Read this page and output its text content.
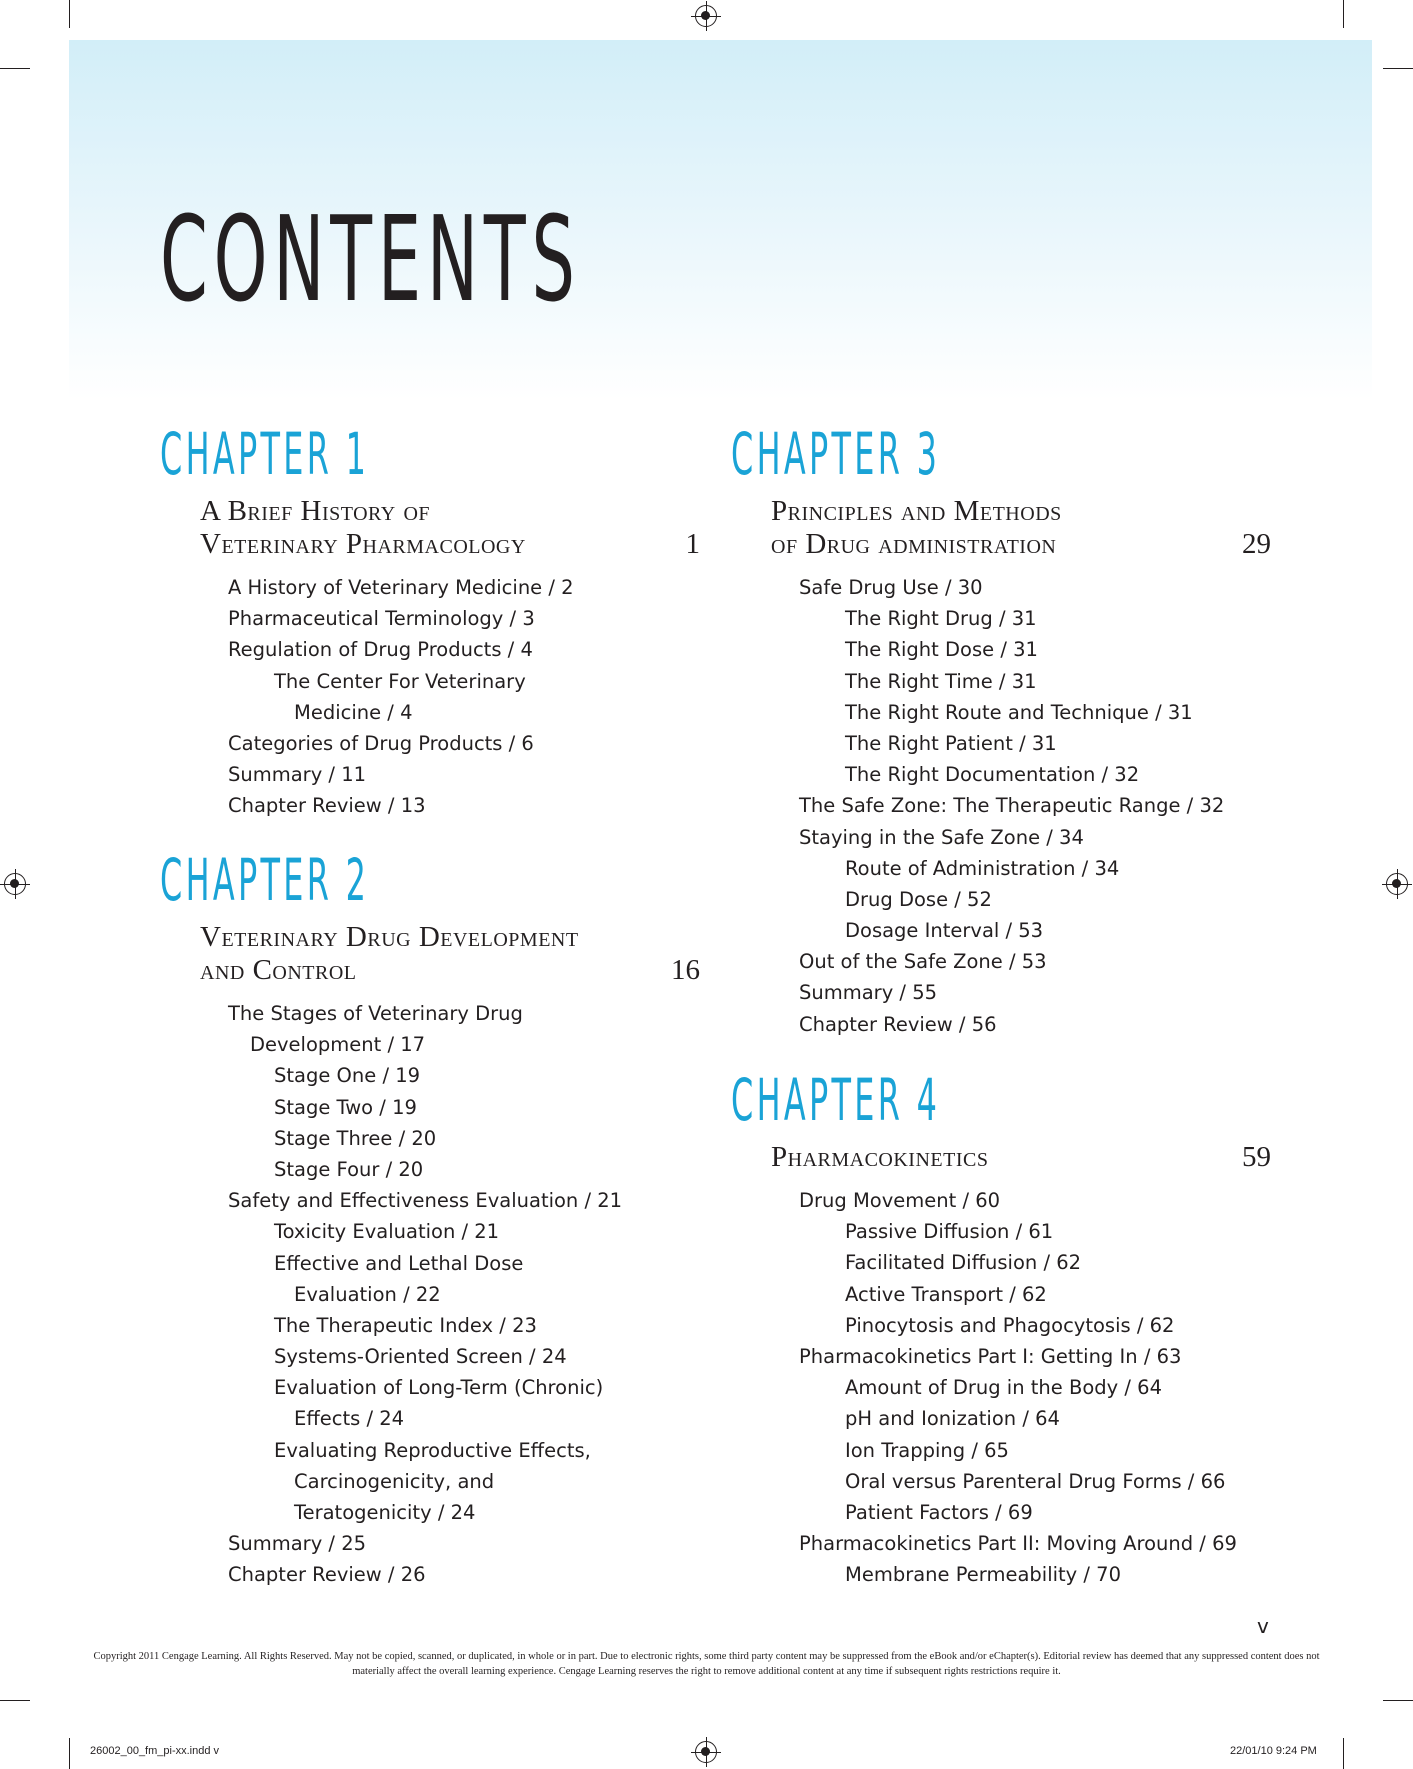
CONTENTS
CHAPTER 1
A Brief History of
Veterinary Pharmacology	1
A History of Veterinary Medicine / 2
Pharmaceutical Terminology / 3
Regulation of Drug Products / 4
The Center For Veterinary
Medicine / 4
Categories of Drug Products / 6
Summary / 11
Chapter Review / 13
CHAPTER 2
Veterinary Drug Development
and Control	16
The Stages of Veterinary Drug
Development / 17
Stage One / 19
Stage Two / 19
Stage Three / 20
Stage Four / 20
Safety and Effectiveness Evaluation / 21
Toxicity Evaluation / 21
Effective and Lethal Dose
Evaluation / 22
The Therapeutic Index / 23
Systems-Oriented Screen / 24
Evaluation of Long-Term (Chronic)
Effects / 24
Evaluating Reproductive Effects,
Carcinogenicity, and
Teratogenicity / 24
Summary / 25
Chapter Review / 26
CHAPTER 3
Principles and Methods
of Drug administration	29
Safe Drug Use / 30
The Right Drug / 31
The Right Dose / 31
The Right Time / 31
The Right Route and Technique / 31
The Right Patient / 31
The Right Documentation / 32
The Safe Zone: The Therapeutic Range / 32
Staying in the Safe Zone / 34
Route of Administration / 34
Drug Dose / 52
Dosage Interval / 53
Out of the Safe Zone / 53
Summary / 55
Chapter Review / 56
CHAPTER 4
Pharmacokinetics	59
Drug Movement / 60
Passive Diffusion / 61
Facilitated Diffusion / 62
Active Transport / 62
Pinocytosis and Phagocytosis / 62
Pharmacokinetics Part I: Getting In / 63
Amount of Drug in the Body / 64
pH and Ionization / 64
Ion Trapping / 65
Oral versus Parenteral Drug Forms / 66
Patient Factors / 69
Pharmacokinetics Part II: Moving Around / 69
Membrane Permeability / 70
v
Copyright 2011 Cengage Learning. All Rights Reserved. May not be copied, scanned, or duplicated, in whole or in part. Due to electronic rights, some third party content may be suppressed from the eBook and/or eChapter(s). Editorial review has deemed that any suppressed content does not materially affect the overall learning experience. Cengage Learning reserves the right to remove additional content at any time if subsequent rights restrictions require it.
26002_00_fm_pi-xx.indd v	22/01/10 9:24 PM
